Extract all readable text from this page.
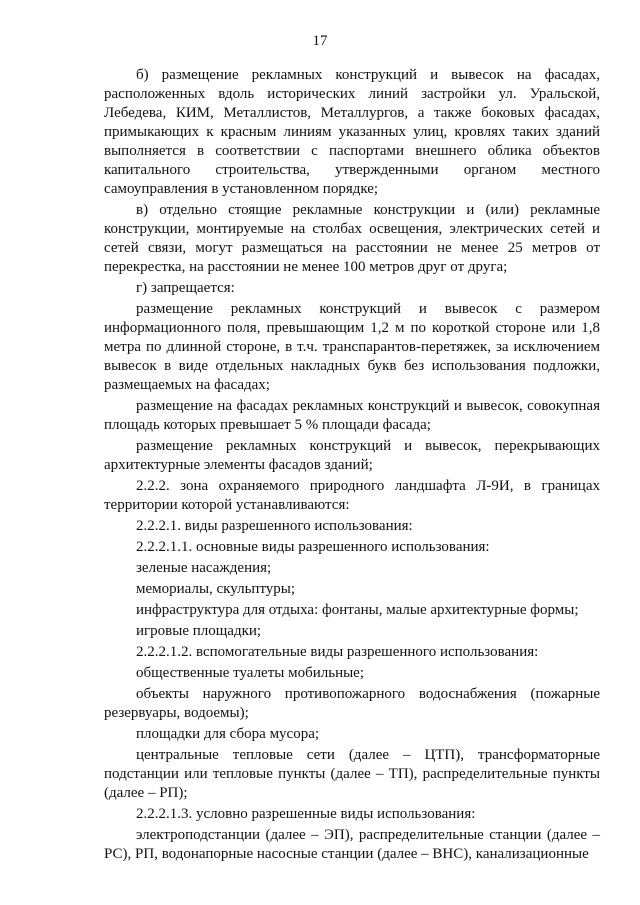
17

б) размещение рекламных конструкций и вывесок на фасадах, расположенных вдоль исторических линий застройки ул. Уральской, Лебедева, КИМ, Металлистов, Металлургов, а также боковых фасадах, примыкающих к красным линиям указанных улиц, кровлях таких зданий выполняется в соответствии с паспортами внешнего облика объектов капитального строительства, утвержденными органом местного самоуправления в установленном порядке;

в) отдельно стоящие рекламные конструкции и (или) рекламные конструкции, монтируемые на столбах освещения, электрических сетей и сетей связи, могут размещаться на расстоянии не менее 25 метров от перекрестка, на расстоянии не менее 100 метров друг от друга;

г) запрещается:

размещение рекламных конструкций и вывесок с размером информационного поля, превышающим 1,2 м по короткой стороне или 1,8 метра по длинной стороне, в т.ч. транспарантов-перетяжек, за исключением вывесок в виде отдельных накладных букв без использования подложки, размещаемых на фасадах;

размещение на фасадах рекламных конструкций и вывесок, совокупная площадь которых превышает 5 % площади фасада;

размещение рекламных конструкций и вывесок, перекрывающих архитектурные элементы фасадов зданий;

2.2.2. зона охраняемого природного ландшафта Л-9И, в границах территории которой устанавливаются:

2.2.2.1. виды разрешенного использования:

2.2.2.1.1. основные виды разрешенного использования:

зеленые насаждения;

мемориалы, скульптуры;

инфраструктура для отдыха: фонтаны, малые архитектурные формы;

игровые площадки;

2.2.2.1.2. вспомогательные виды разрешенного использования:

общественные туалеты мобильные;

объекты наружного противопожарного водоснабжения (пожарные резервуары, водоемы);

площадки для сбора мусора;

центральные тепловые сети (далее – ЦТП), трансформаторные подстанции или тепловые пункты (далее – ТП), распределительные пункты (далее – РП);

2.2.2.1.3. условно разрешенные виды использования:

электроподстанции (далее – ЭП), распределительные станции (далее – РС), РП, водонапорные насосные станции (далее – ВНС), канализационные
